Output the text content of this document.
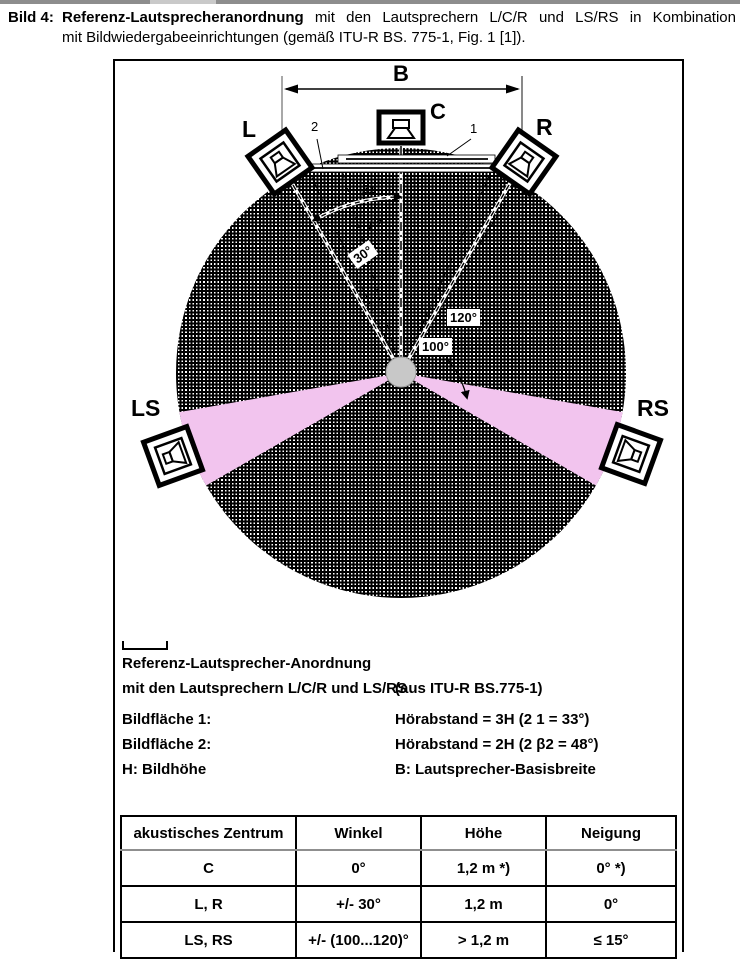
Bild 4: Referenz-Lautsprecheranordnung mit den Lautsprechern L/C/R und LS/RS in Kombination
mit Bildwiedergabeeinrichtungen (gemäß ITU-R BS. 775-1, Fig. 1 [1]).
B
C
L	R
LS	RS
1
2
30°
120°
100°
β1
β2
Referenz-Lautsprecher-Anordnung
mit den Lautsprechern L/C/R und LS/RS
(aus ITU-R BS.775-1)
Bildfläche 1:	Hörabstand = 3H (2 1 = 33°)
Bildfläche 2:	Hörabstand = 2H (2 β2 = 48°)
H: Bildhöhe	B: Lautsprecher-Basisbreite
akustisches Zentrum	Winkel	Höhe	Neigung
C	0°	1,2 m *)	0° *)
L, R	+/- 30°	1,2 m	0°
LS, RS	+/- (100...120)°	> 1,2 m	≤ 15°
